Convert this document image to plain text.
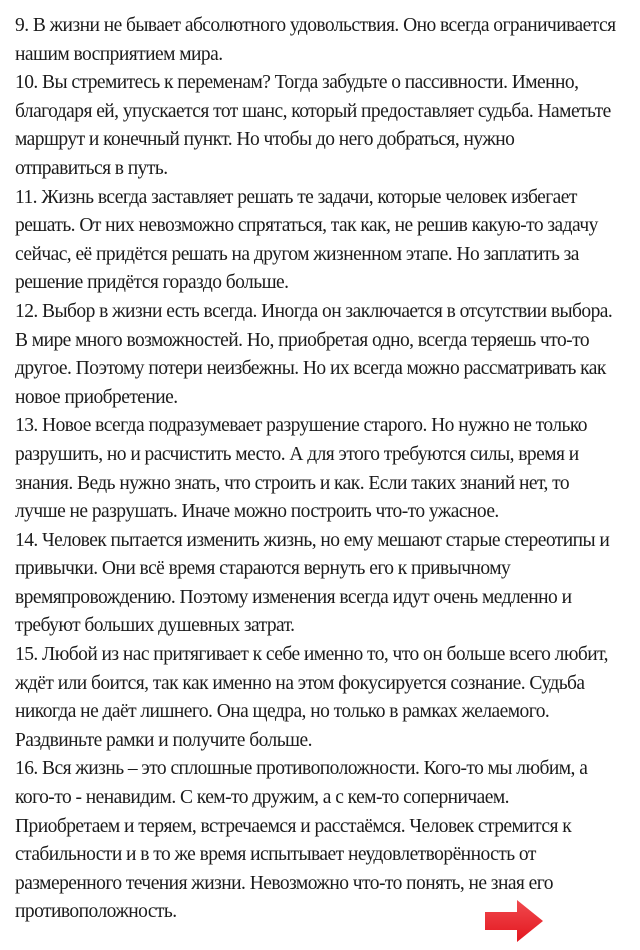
9. В жизни не бывает абсолютного удовольствия. Оно всегда ограничивается
нашим восприятием мира.
10. Вы стремитесь к переменам? Тогда забудьте о пассивности. Именно,
благодаря ей, упускается тот шанс, который предоставляет судьба. Наметьте
маршрут и конечный пункт. Но чтобы до него добраться, нужно
отправиться в путь.
11. Жизнь всегда заставляет решать те задачи, которые человек избегает
решать. От них невозможно спрятаться, так как, не решив какую-то задачу
сейчас, её придётся решать на другом жизненном этапе. Но заплатить за
решение придётся гораздо больше.
12. Выбор в жизни есть всегда. Иногда он заключается в отсутствии выбора.
В мире много возможностей. Но, приобретая одно, всегда теряешь что-то
другое. Поэтому потери неизбежны. Но их всегда можно рассматривать как
новое приобретение.
13. Новое всегда подразумевает разрушение старого. Но нужно не только
разрушить, но и расчистить место. А для этого требуются силы, время и
знания. Ведь нужно знать, что строить и как. Если таких знаний нет, то
лучше не разрушать. Иначе можно построить что-то ужасное.
14. Человек пытается изменить жизнь, но ему мешают старые стереотипы и
привычки. Они всё время стараются вернуть его к привычному
времяпровождению. Поэтому изменения всегда идут очень медленно и
требуют больших душевных затрат.
15. Любой из нас притягивает к себе именно то, что он больше всего любит,
ждёт или боится, так как именно на этом фокусируется сознание. Судьба
никогда не даёт лишнего. Она щедра, но только в рамках желаемого.
Раздвиньте рамки и получите больше.
16. Вся жизнь – это сплошные противоположности. Кого-то мы любим, а
кого-то - ненавидим. С кем-то дружим, а с кем-то соперничаем.
Приобретаем и теряем, встречаемся и расстаёмся. Человек стремится к
стабильности и в то же время испытывает неудовлетворённость от
размеренного течения жизни. Невозможно что-то понять, не зная его
противоположность.
